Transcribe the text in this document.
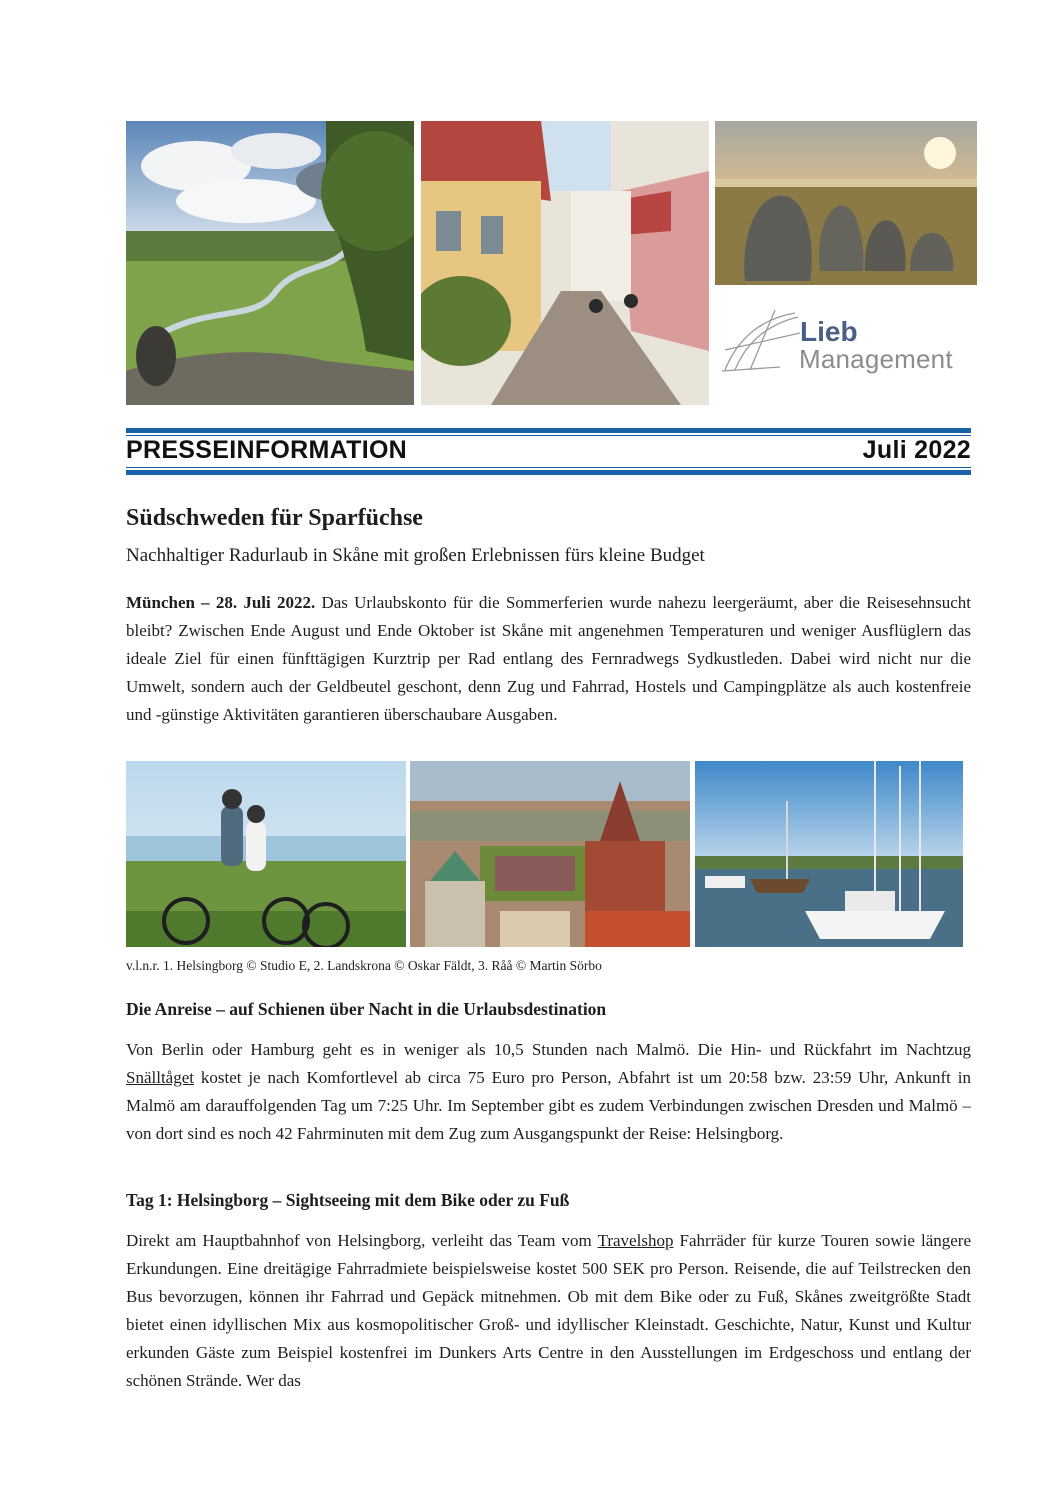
Lieb
Management
PRESSEINFORMATION	Juli 2022
Südschweden für Sparfüchse
Nachhaltiger Radurlaub in Skåne mit großen Erlebnissen fürs kleine Budget

München – 28. Juli 2022. Das Urlaubskonto für die Sommerferien wurde nahezu leergeräumt, aber die Reisesehnsucht bleibt? Zwischen Ende August und Ende Oktober ist Skåne mit angenehmen Temperaturen und weniger Ausflüglern das ideale Ziel für einen fünfttägigen Kurztrip per Rad entlang des Fernradwegs Sydkustleden. Dabei wird nicht nur die Umwelt, sondern auch der Geldbeutel geschont, denn Zug und Fahrrad, Hostels und Campingplätze als auch kostenfreie und -günstige Aktivitäten garantieren überschaubare Ausgaben.

v.l.n.r. 1. Helsingborg © Studio E, 2. Landskrona © Oskar Fäldt, 3. Råå © Martin Sörbo
Die Anreise – auf Schienen über Nacht in die Urlaubsdestination

Von Berlin oder Hamburg geht es in weniger als 10,5 Stunden nach Malmö. Die Hin- und Rückfahrt im Nachtzug Snälltåget kostet je nach Komfortlevel ab circa 75 Euro pro Person, Abfahrt ist um 20:58 bzw. 23:59 Uhr, Ankunft in Malmö am darauffolgenden Tag um 7:25 Uhr. Im September gibt es zudem Verbindungen zwischen Dresden und Malmö – von dort sind es noch 42 Fahrminuten mit dem Zug zum Ausgangspunkt der Reise: Helsingborg.

Tag 1: Helsingborg – Sightseeing mit dem Bike oder zu Fuß

Direkt am Hauptbahnhof von Helsingborg, verleiht das Team vom Travelshop Fahrräder für kurze Touren sowie längere Erkundungen. Eine dreitägige Fahrradmiete beispielsweise kostet 500 SEK pro Person. Reisende, die auf Teilstrecken den Bus bevorzugen, können ihr Fahrrad und Gepäck mitnehmen. Ob mit dem Bike oder zu Fuß, Skånes zweitgrößte Stadt bietet einen idyllischen Mix aus kosmopolitischer Groß- und idyllischer Kleinstadt. Geschichte, Natur, Kunst und Kultur erkunden Gäste zum Beispiel kostenfrei im Dunkers Arts Centre in den Ausstellungen im Erdgeschoss und entlang der schönen Strände. Wer das
